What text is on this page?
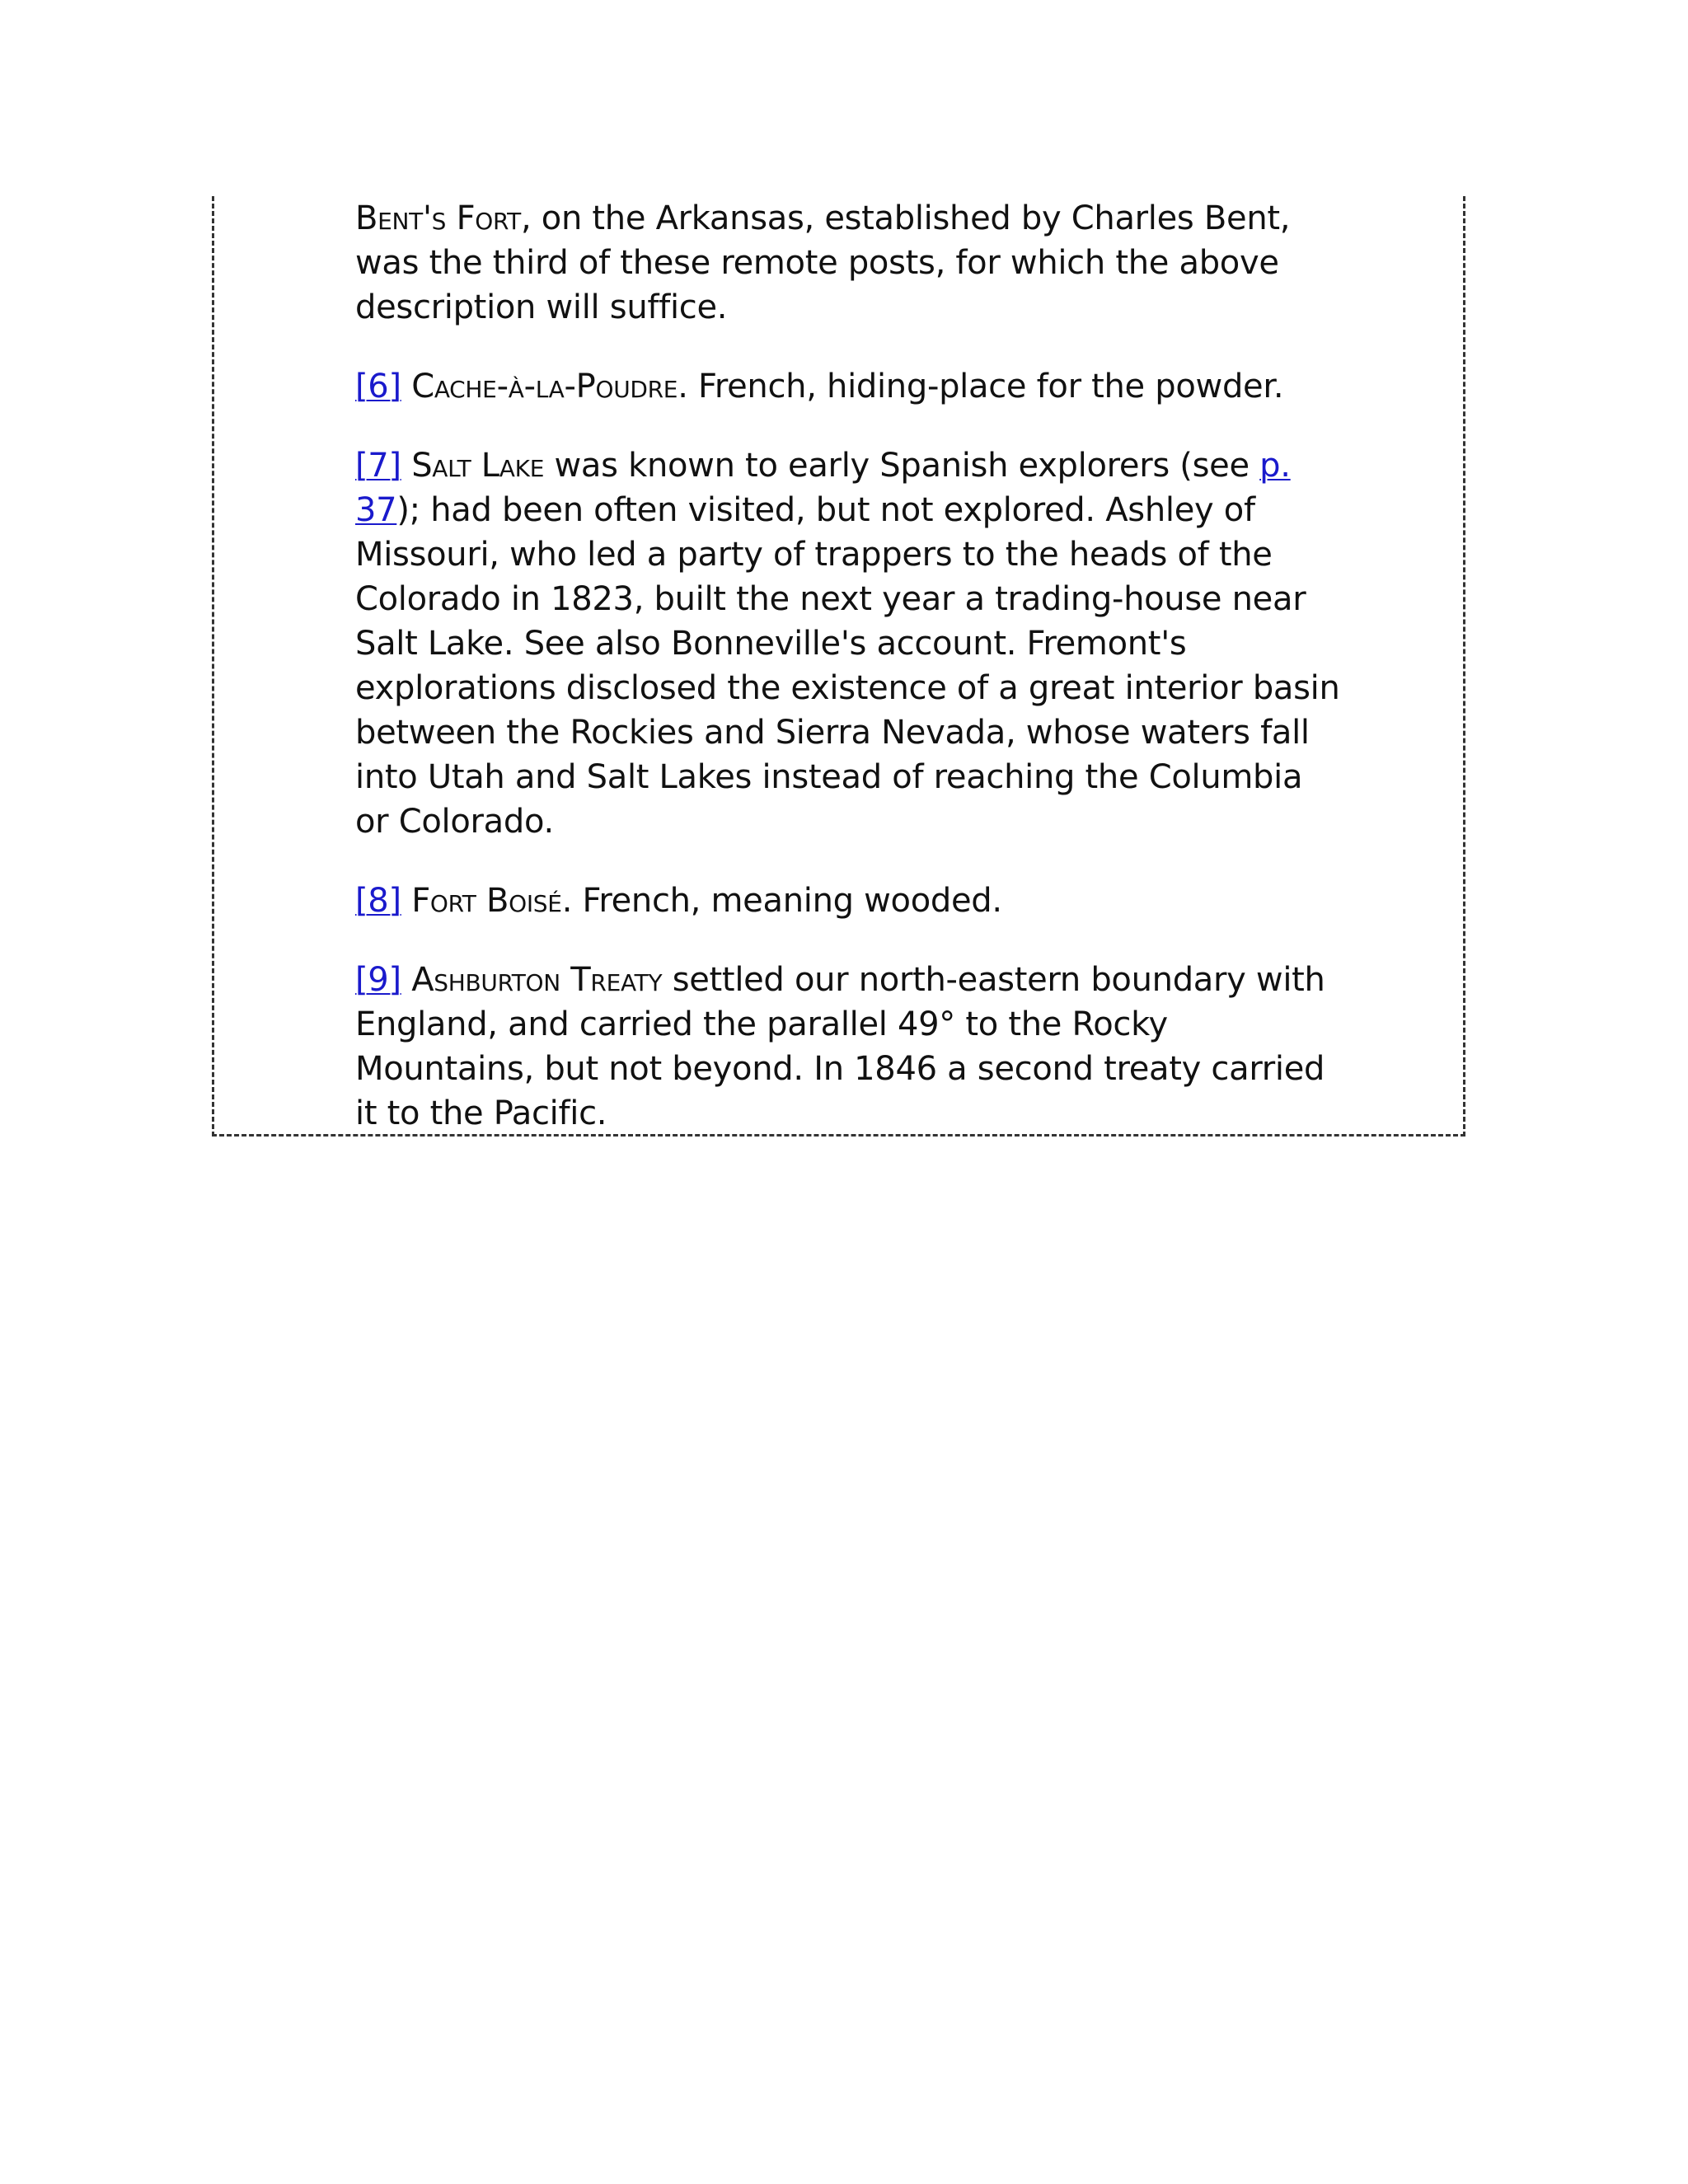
Bent's Fort, on the Arkansas, established by Charles Bent, was the third of these remote posts, for which the above description will suffice.

[6] Cache-à-la-Poudre. French, hiding-place for the powder.

[7] Salt Lake was known to early Spanish explorers (see p. 37); had been often visited, but not explored. Ashley of Missouri, who led a party of trappers to the heads of the Colorado in 1823, built the next year a trading-house near Salt Lake. See also Bonneville's account. Fremont's explorations disclosed the existence of a great interior basin between the Rockies and Sierra Nevada, whose waters fall into Utah and Salt Lakes instead of reaching the Columbia or Colorado.

[8] Fort Boisé. French, meaning wooded.

[9] Ashburton Treaty settled our north-eastern boundary with England, and carried the parallel 49° to the Rocky Mountains, but not beyond. In 1846 a second treaty carried it to the Pacific.
